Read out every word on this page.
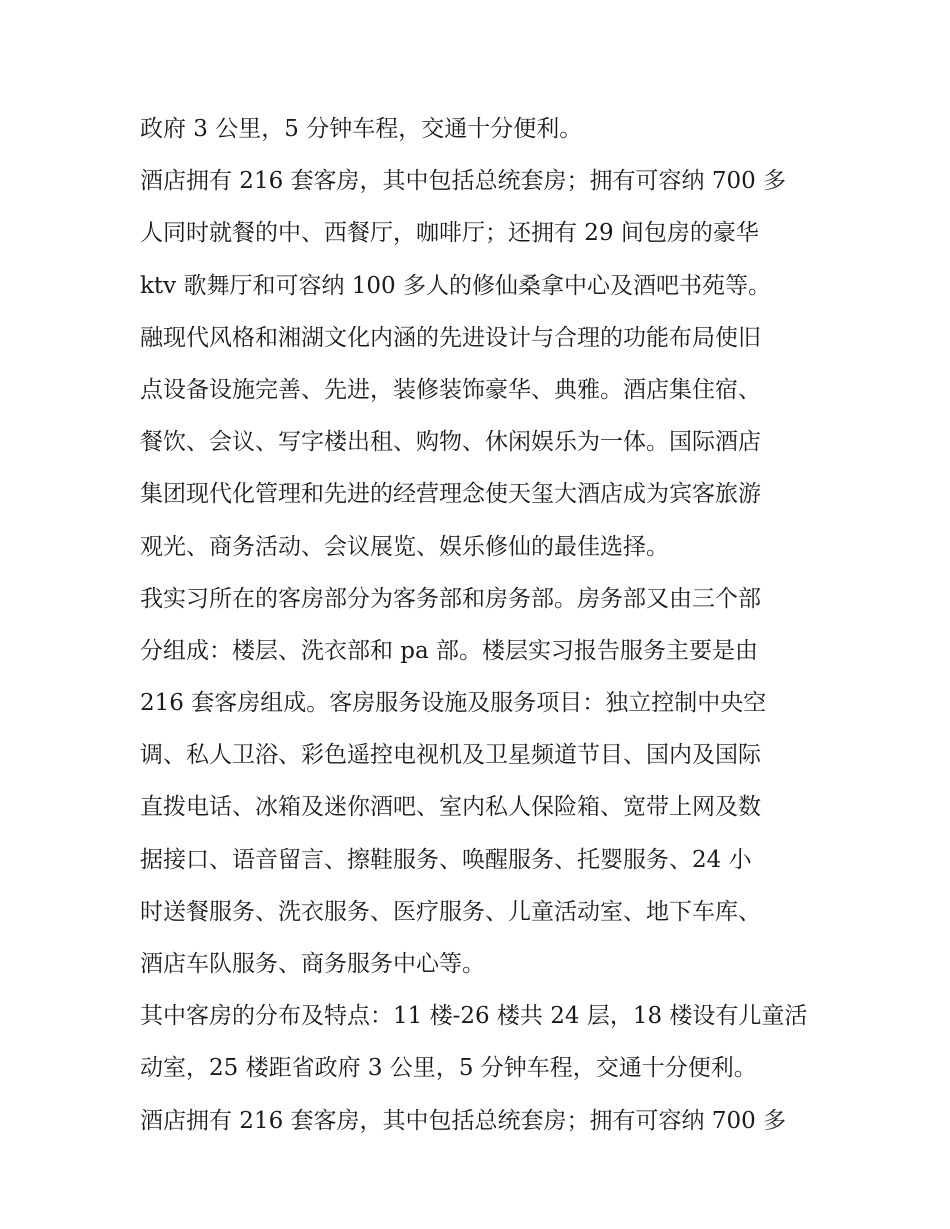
政府 3 公里，5 分钟车程，交通十分便利。
酒店拥有 216 套客房，其中包括总统套房；拥有可容纳 700 多
人同时就餐的中、西餐厅，咖啡厅；还拥有 29 间包房的豪华
ktv 歌舞厅和可容纳 100 多人的修仙桑拿中心及酒吧书苑等。
融现代风格和湘湖文化内涵的先进设计与合理的功能布局使旧
点设备设施完善、先进，装修装饰豪华、典雅。酒店集住宿、
餐饮、会议、写字楼出租、购物、休闲娱乐为一体。国际酒店
集团现代化管理和先进的经营理念使天玺大酒店成为宾客旅游
观光、商务活动、会议展览、娱乐修仙的最佳选择。
我实习所在的客房部分为客务部和房务部。房务部又由三个部
分组成：楼层、洗衣部和 pa 部。楼层实习报告服务主要是由
216 套客房组成。客房服务设施及服务项目：独立控制中央空
调、私人卫浴、彩色遥控电视机及卫星频道节目、国内及国际
直拨电话、冰箱及迷你酒吧、室内私人保险箱、宽带上网及数
据接口、语音留言、擦鞋服务、唤醒服务、托婴服务、24 小
时送餐服务、洗衣服务、医疗服务、儿童活动室、地下车库、
酒店车队服务、商务服务中心等。
其中客房的分布及特点：11 楼-26 楼共 24 层，18 楼设有儿童活
动室，25 楼距省政府 3 公里，5 分钟车程，交通十分便利。
酒店拥有 216 套客房，其中包括总统套房；拥有可容纳 700 多
